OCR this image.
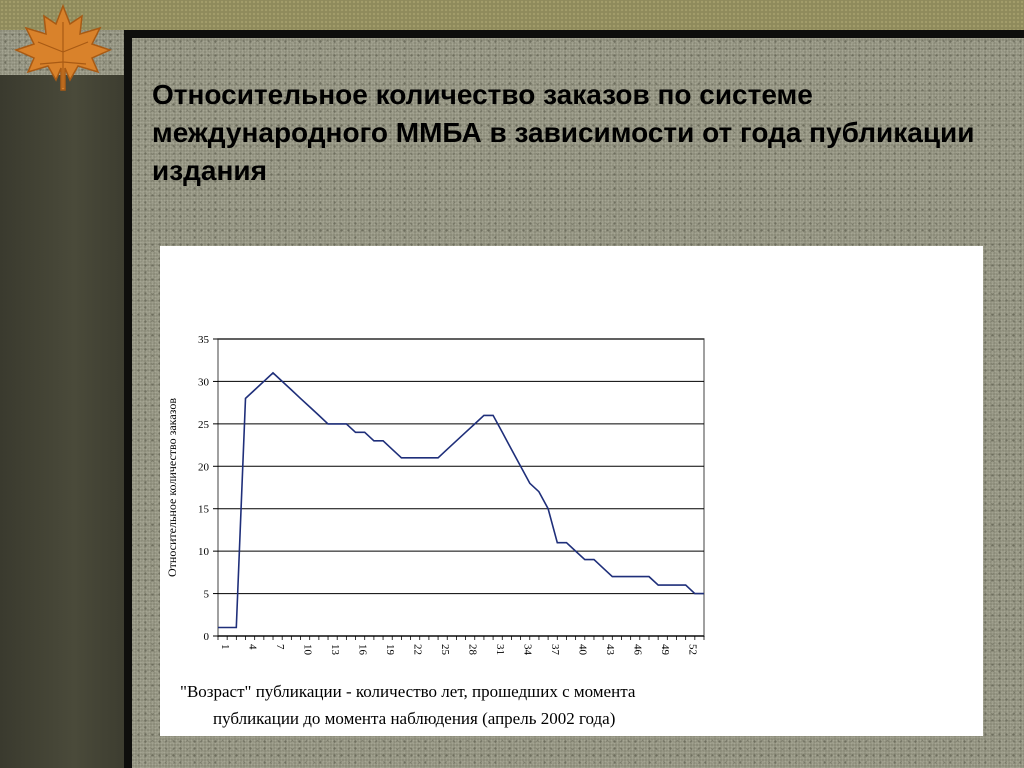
Относительное количество заказов по системе международного ММБА в зависимости от года публикации издания
0
5
10
15
20
25
30
35
1 4 7 10 13 16 19 22 25 28 31 34 37 40 43 46 49 52
Относительное количество заказов
"Возраст" публикации - количество лет, прошедших с момента
публикации до момента наблюдения (апрель 2002 года)
